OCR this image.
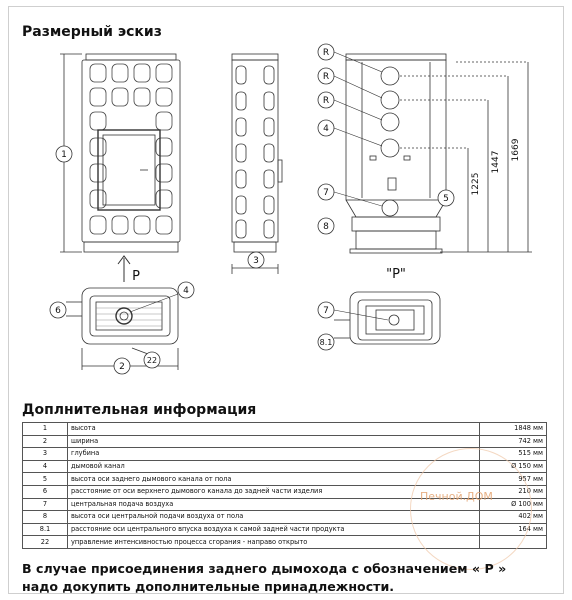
Размерный эскиз
1
2
3
4
6
22
R
R
R
4
5
7
8
7
8.1
P	"P"
1225
1447
1669
Доплнительная информация
1	высота	1848 мм
2	ширина	742 мм
3	глубина	515 мм
4	дымовой канал	Ø 150 мм
5	высота оси заднего дымового канала от пола	957 мм
6	расстояние от оси верхнего дымового канала до задней части изделия	210 мм
7	центральная подача воздуха	Ø 100 мм
8	высота оси центральной подачи воздуха от пола	402 мм
8.1	расстояние оси центрального впуска воздуха к самой задней части продукта	164 мм
22	управление интенсивностью процесса сгорания - направо открыто	
Печной.ДОМ

В случае присоединения заднего дымохода с обозначением « P »
надо докупить дополнительные принадлежности.
